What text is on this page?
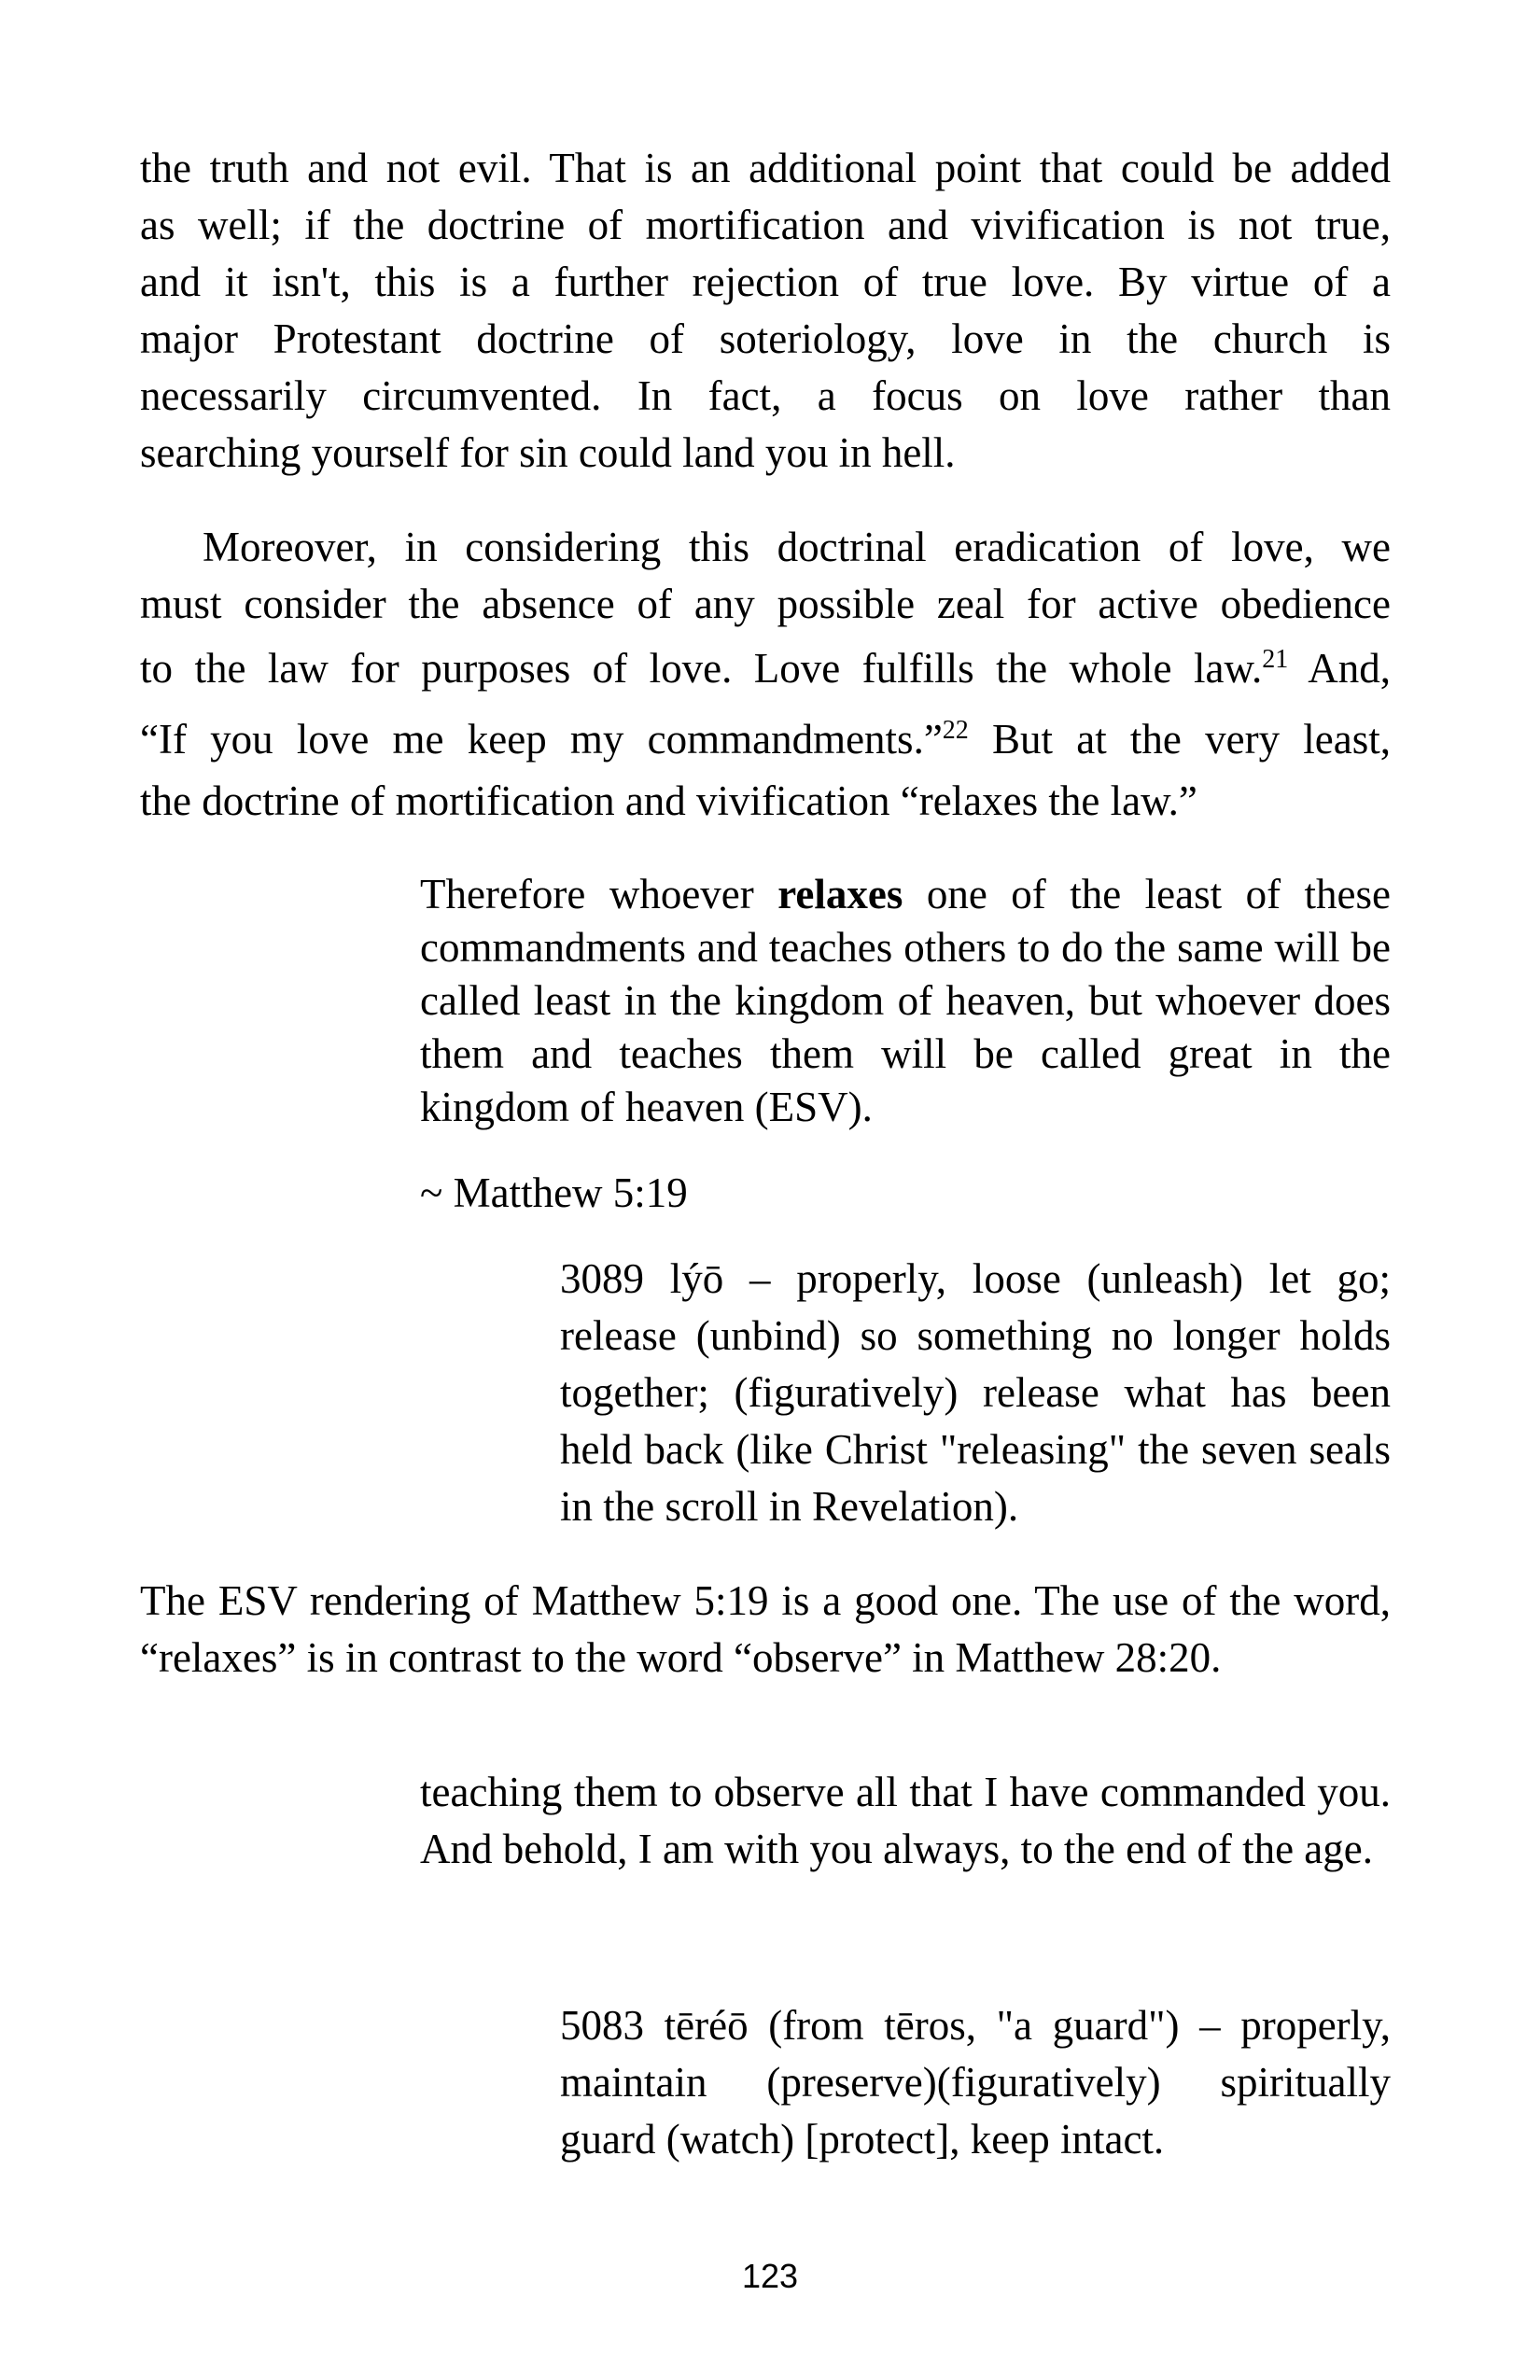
the truth and not evil. That is an additional point that could be added
as well; if the doctrine of mortification and vivification is not true,
and it isn't, this is a further rejection of true love. By virtue of a
major Protestant doctrine of soteriology, love in the church is
necessarily circumvented. In fact, a focus on love rather than
searching yourself for sin could land you in hell.
Moreover, in considering this doctrinal eradication of love, we
must consider the absence of any possible zeal for active obedience
to the law for purposes of love. Love fulfills the whole law.$^{21}$ And,
“If you love me keep my commandments.”$^{22}$ But at the very least,
the doctrine of mortification and vivification “relaxes the law.”

Therefore whoever relaxes one of the least of these commandments and teaches others to do the same will be called least in the kingdom of heaven, but whoever does them and teaches them will be called great in the kingdom of heaven (ESV).

~ Matthew 5:19

3089 lýō – properly, loose (unleash) let go; release (unbind) so something no longer holds together; (figuratively) release what has been held back (like Christ "releasing" the seven seals in the scroll in Revelation).

The ESV rendering of Matthew 5:19 is a good one. The use of the word, “relaxes” is in contrast to the word “observe” in Matthew 28:20.

teaching them to observe all that I have commanded you. And behold, I am with you always, to the end of the age.

5083 tēréō (from tēros, "a guard") – properly, maintain (preserve)(figuratively) spiritually guard (watch) [protect], keep intact.

123
